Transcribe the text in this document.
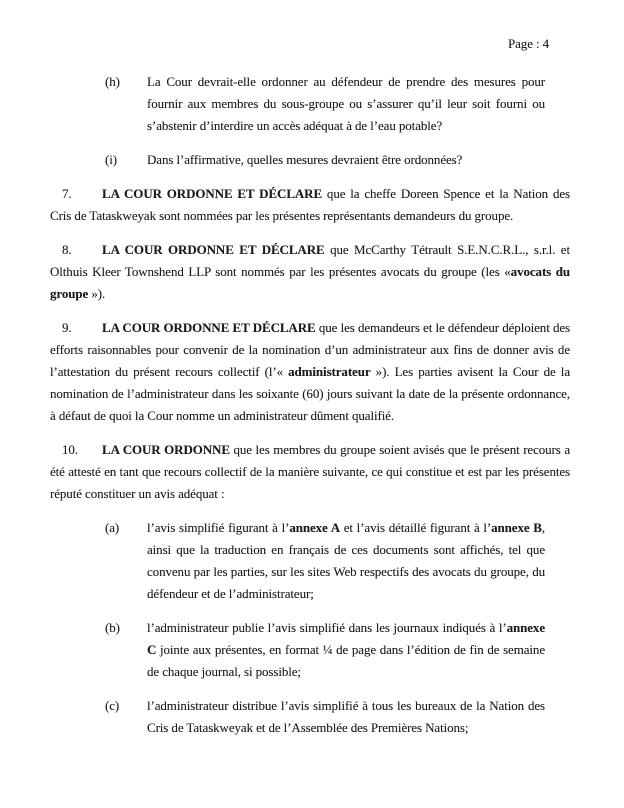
Page : 4
(h)	La Cour devrait-elle ordonner au défendeur de prendre des mesures pour fournir aux membres du sous-groupe ou s’assurer qu’il leur soit fourni ou s’abstenir d’interdire un accès adéquat à de l’eau potable?
(i)	Dans l’affirmative, quelles mesures devraient être ordonnées?

7. LA COUR ORDONNE ET DÉCLARE que la cheffe Doreen Spence et la Nation des Cris de Tataskweyak sont nommées par les présentes représentants demandeurs du groupe.

8. LA COUR ORDONNE ET DÉCLARE que McCarthy Tétrault S.E.N.C.R.L., s.r.l. et Olthuis Kleer Townshend LLP sont nommés par les présentes avocats du groupe (les «avocats du groupe »).

9. LA COUR ORDONNE ET DÉCLARE que les demandeurs et le défendeur déploient des efforts raisonnables pour convenir de la nomination d’un administrateur aux fins de donner avis de l’attestation du présent recours collectif (l’« administrateur »). Les parties avisent la Cour de la nomination de l’administrateur dans les soixante (60) jours suivant la date de la présente ordonnance, à défaut de quoi la Cour nomme un administrateur dûment qualifié.

10. LA COUR ORDONNE que les membres du groupe soient avisés que le présent recours a été attesté en tant que recours collectif de la manière suivante, ce qui constitue et est par les présentes réputé constituer un avis adéquat :

(a)	l’avis simplifié figurant à l’annexe A et l’avis détaillé figurant à l’annexe B, ainsi que la traduction en français de ces documents sont affichés, tel que convenu par les parties, sur les sites Web respectifs des avocats du groupe, du défendeur et de l’administrateur;
(b)	l’administrateur publie l’avis simplifié dans les journaux indiqués à l’annexe C jointe aux présentes, en format ¼ de page dans l’édition de fin de semaine de chaque journal, si possible;
(c)	l’administrateur distribue l’avis simplifié à tous les bureaux de la Nation des Cris de Tataskweyak et de l’Assemblée des Premières Nations;
